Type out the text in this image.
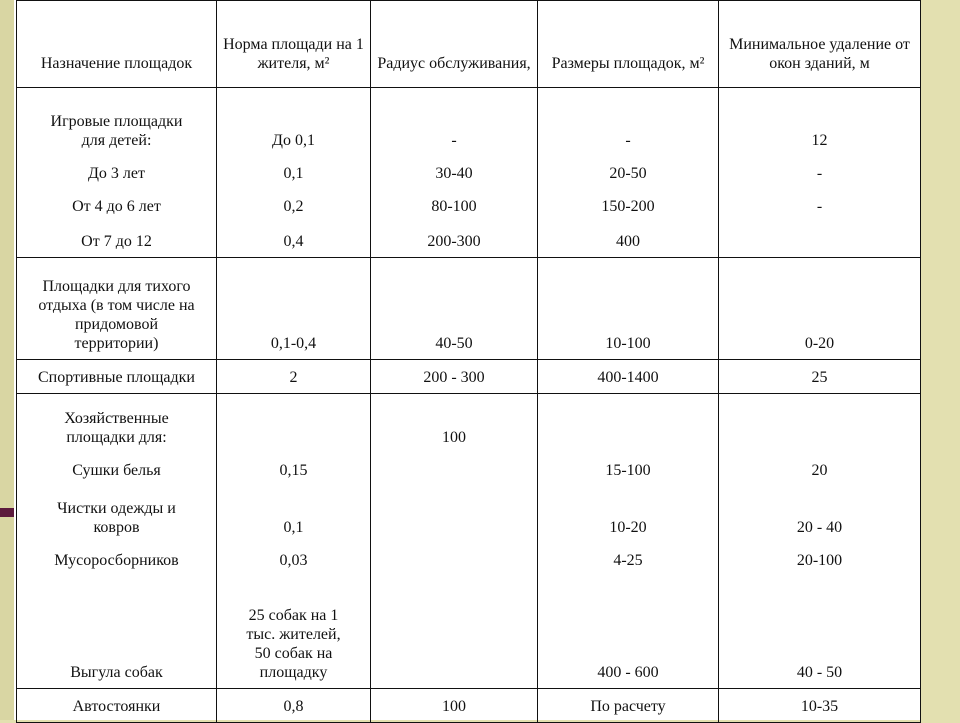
Назначение площадок	Норма площади на 1 жителя, м²	Радиус обслуживания,	Размеры площадок, м²	Минимальное удаление от окон зданий, м

Игровые площадки
для детей:	До 0,1	-	-	12

До 3 лет	0,1	30-40	20-50	-

От 4 до 6 лет	0,2	80-100	150-200	-

От 7 до 12	0,4	200-300	400	

Площадки для тихого
отдыха (в том числе на
придомовой
территории)	0,1-0,4	40-50	10-100	0-20

Спортивные площадки	2	200 - 300	400-1400	25

Хозяйственные
площадки для:		100		

Сушки белья	0,15		15-100	20

Чистки одежды и
ковров	0,1		10-20	20 - 40

Мусоросборников	0,03		4-25	20-100

Выгула собак	25 собак на 1
тыс. жителей,
50 собак на
площадку		400 - 600	40 - 50

Автостоянки	0,8	100	По расчету	10-35
